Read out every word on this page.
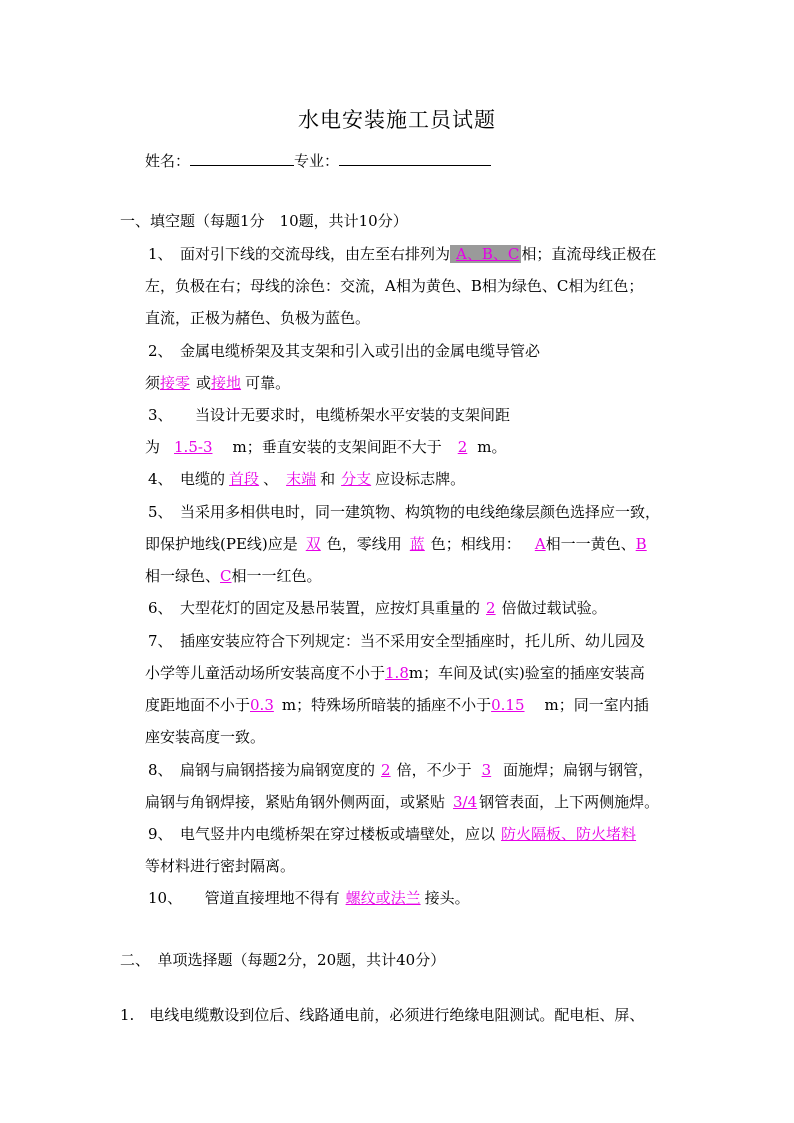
水电安装施工员试题
姓名：	专业：
一、填空题（每题1分　10题，共计10分）
1、　面对引下线的交流母线，由左至右排列为 A、B、C 相；直流母线正极在
左，负极在右；母线的涂色：交流，A相为黄色、B相为绿色、C相为红色；
直流，正极为赭色、负极为蓝色。
2、　金属电缆桥架及其支架和引入或引出的金属电缆导管必
须接零 或接地 可靠。
3、　　当设计无要求时，电缆桥架水平安装的支架间距
为 1.5-3 m；垂直安装的支架间距不大于 2 m。
4、　电缆的 首段 、 末端 和 分支 应设标志牌。
5、　当采用多相供电时，同一建筑物、构筑物的电线绝缘层颜色选择应一致，
即保护地线(PE线)应是 双 色，零线用 蓝 色；相线用： A相一一黄色、B
相一绿色、C相一一红色。
6、　大型花灯的固定及悬吊装置，应按灯具重量的 2 倍做过载试验。
7、　插座安装应符合下列规定：当不采用安全型插座时，托儿所、幼儿园及
小学等儿童活动场所安装高度不小于1.8m；车间及试(实)验室的插座安装高
度距地面不小于0.3 m；特殊场所暗装的插座不小于0.15 m；同一室内插
座安装高度一致。
8、　扁钢与扁钢搭接为扁钢宽度的 2 倍，不少于 3 面施焊；扁钢与钢管，
扁钢与角钢焊接，紧贴角钢外侧两面，或紧贴 3/4 钢管表面，上下两侧施焊。
9、　电气竖井内电缆桥架在穿过楼板或墙壁处，应以 防火隔板、防火堵料
等材料进行密封隔离。
10、　　管道直接埋地不得有 螺纹或法兰 接头。
二、　单项选择题（每题2分，20题，共计40分）
1.　电线电缆敷设到位后、线路通电前，必须进行绝缘电阻测试。配电柜、屏、
